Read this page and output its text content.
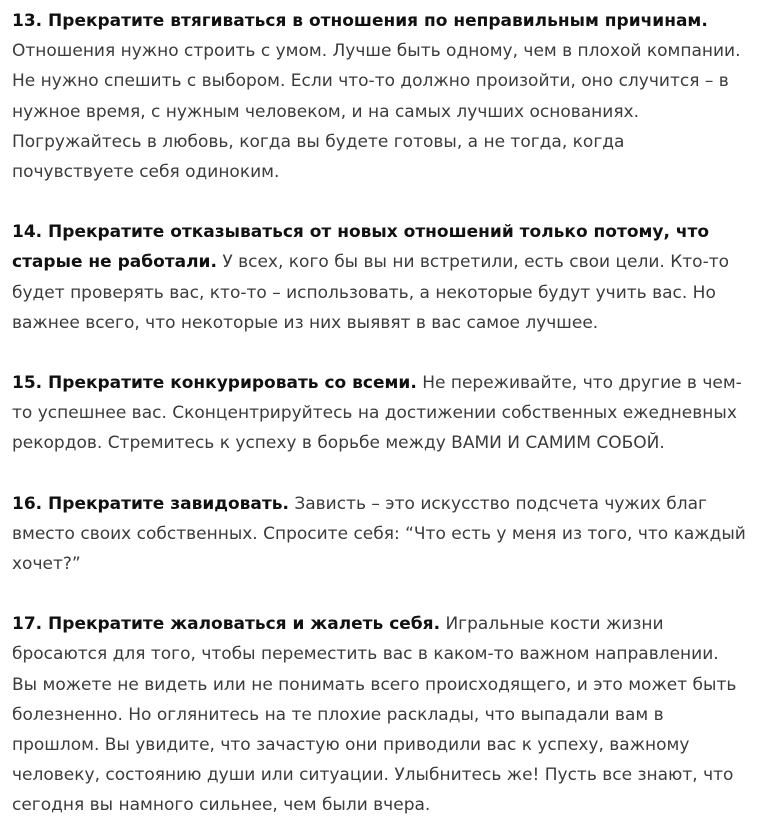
13. Прекратите втягиваться в отношения по неправильным причинам. Отношения нужно строить с умом. Лучше быть одному, чем в плохой компании. Не нужно спешить с выбором. Если что-то должно произойти, оно случится – в нужное время, с нужным человеком, и на самых лучших основаниях. Погружайтесь в любовь, когда вы будете готовы, а не тогда, когда почувствуете себя одиноким.

14. Прекратите отказываться от новых отношений только потому, что старые не работали. У всех, кого бы вы ни встретили, есть свои цели. Кто-то будет проверять вас, кто-то – использовать, а некоторые будут учить вас. Но важнее всего, что некоторые из них выявят в вас самое лучшее.

15. Прекратите конкурировать со всеми. Не переживайте, что другие в чем-то успешнее вас. Сконцентрируйтесь на достижении собственных ежедневных рекордов. Стремитесь к успеху в борьбе между ВАМИ И САМИМ СОБОЙ.

16. Прекратите завидовать. Зависть – это искусство подсчета чужих благ вместо своих собственных. Спросите себя: “Что есть у меня из того, что каждый хочет?”

17. Прекратите жаловаться и жалеть себя. Игральные кости жизни бросаются для того, чтобы переместить вас в каком-то важном направлении. Вы можете не видеть или не понимать всего происходящего, и это может быть болезненно. Но оглянитесь на те плохие расклады, что выпадали вам в прошлом. Вы увидите, что зачастую они приводили вас к успеху, важному человеку, состоянию души или ситуации. Улыбнитесь же! Пусть все знают, что сегодня вы намного сильнее, чем были вчера.
